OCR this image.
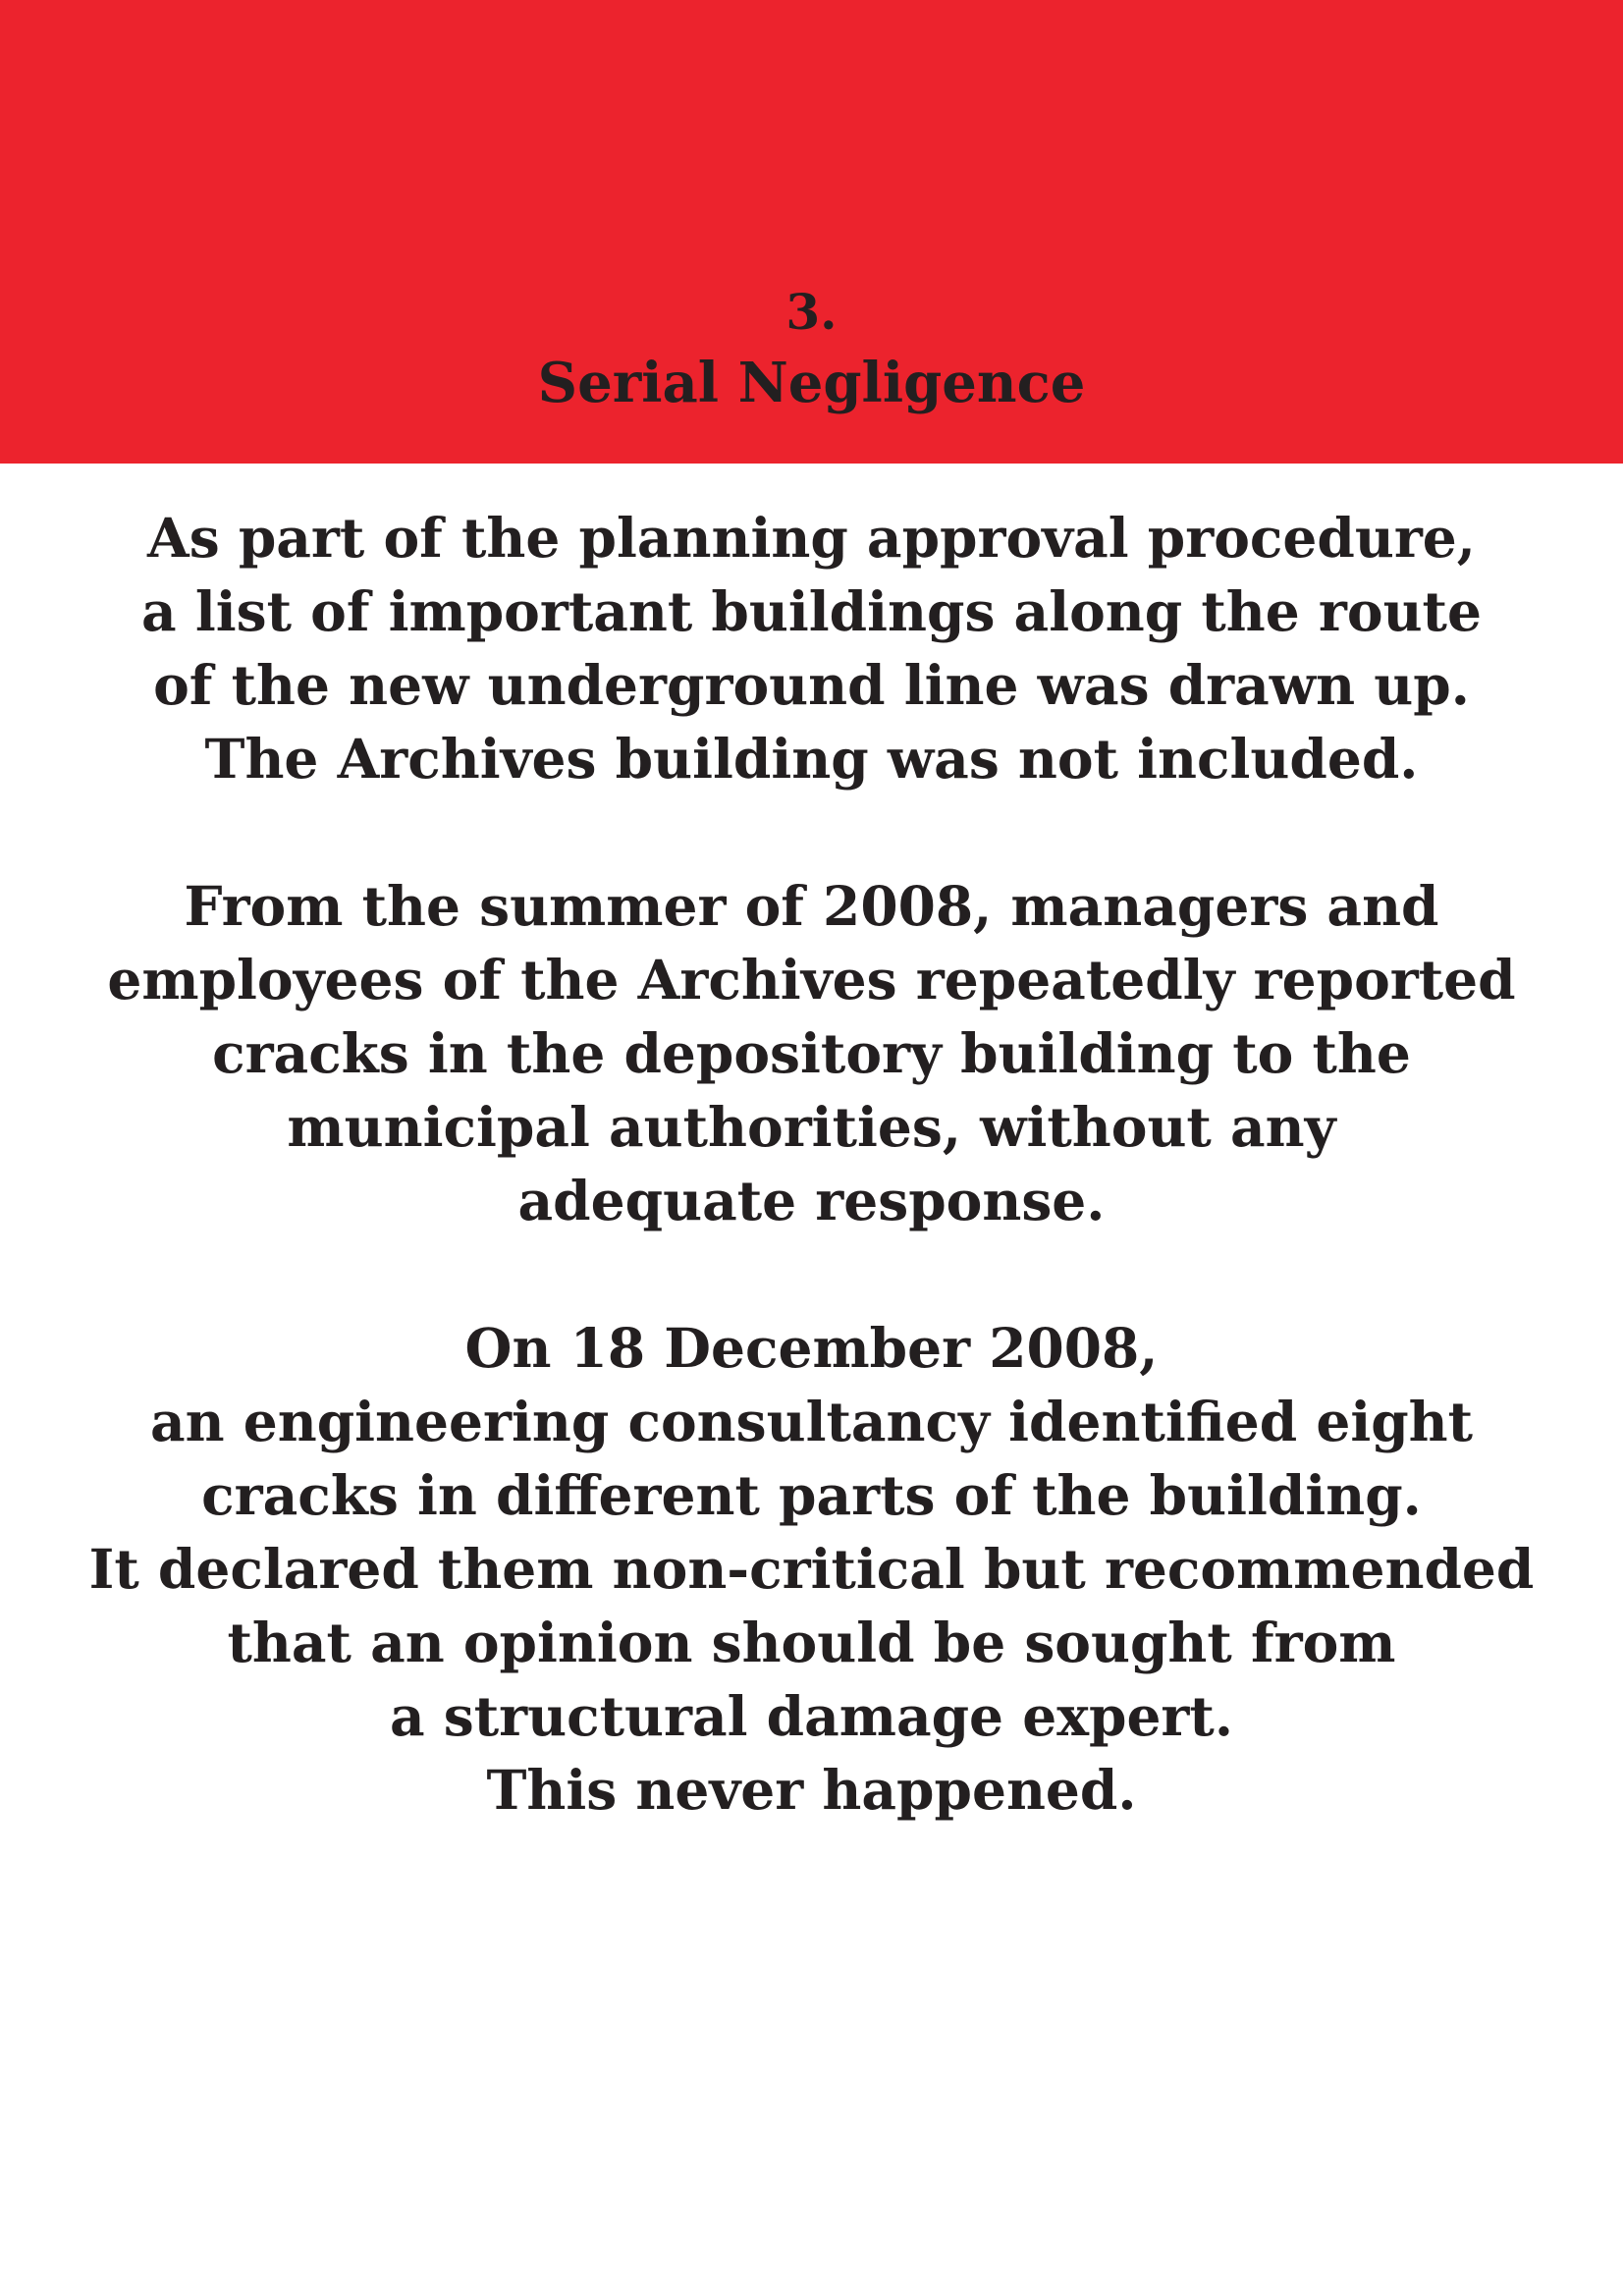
3.
Serial Negligence
As part of the planning approval procedure,
a list of important buildings along the route
of the new underground line was drawn up.
The Archives building was not included.
From the summer of 2008, managers and
employees of the Archives repeatedly reported
cracks in the depository building to the
municipal authorities, without any
adequate response.
On 18 December 2008,
an engineering consultancy identified eight
cracks in different parts of the building.
It declared them non-critical but recommended
that an opinion should be sought from
a structural damage expert.
This never happened.
